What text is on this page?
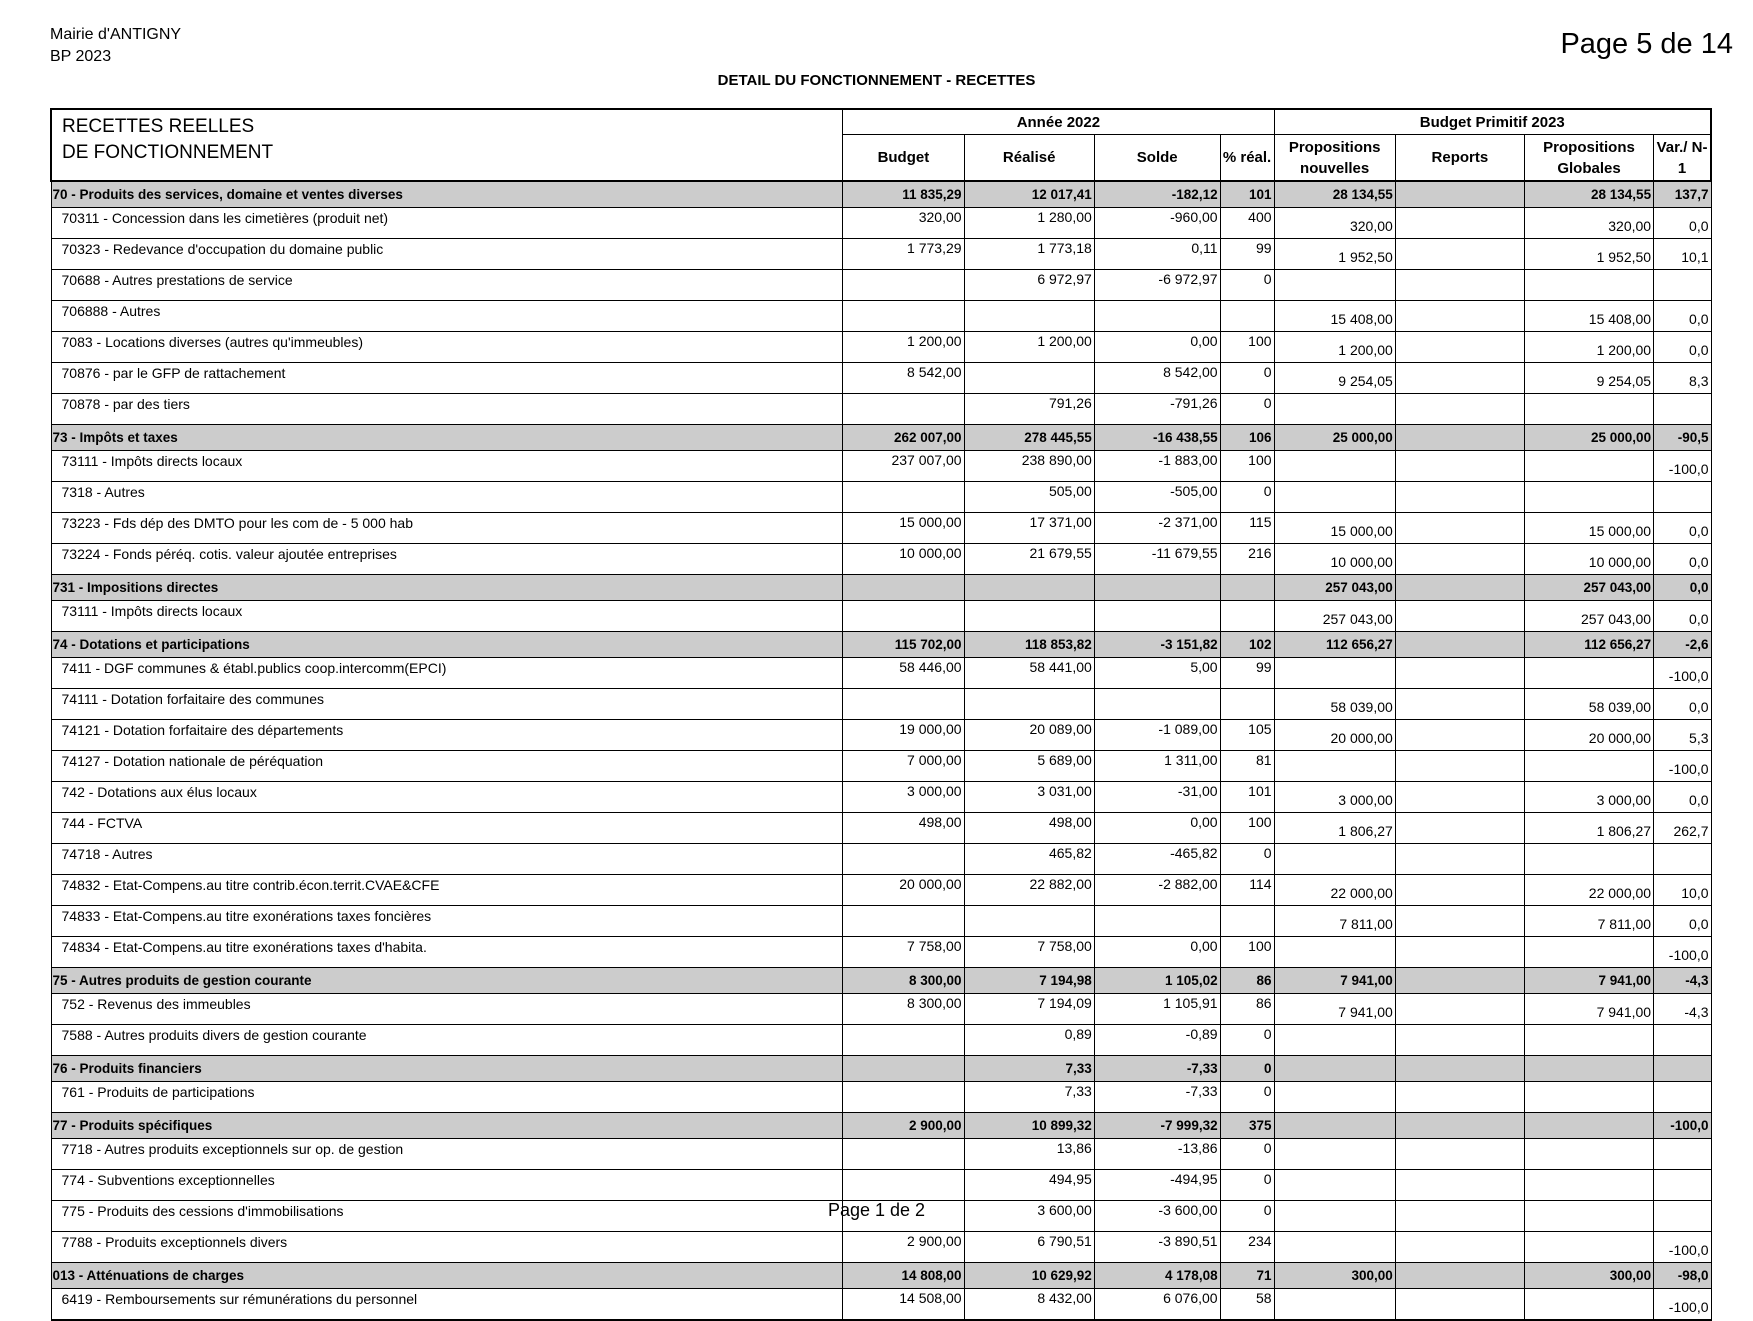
Mairie d'ANTIGNY
BP 2023	Page 5 de 14
DETAIL DU FONCTIONNEMENT - RECETTES
RECETTES REELLES
DE FONCTIONNEMENT	Année 2022				Budget Primitif 2023			
	Budget	Réalisé	Solde	% réal.	Propositions nouvelles	Reports	Propositions Globales	Var./ N-1
70 - Produits des services, domaine et ventes diverses	11 835,29	12 017,41	-182,12	101	28 134,55		28 134,55	137,7
70311 - Concession dans les cimetières (produit net)	320,00	1 280,00	-960,00	400	320,00		320,00	0,0
70323 - Redevance d'occupation du domaine public	1 773,29	1 773,18	0,11	99	1 952,50		1 952,50	10,1
70688 - Autres prestations de service		6 972,97	-6 972,97	0				
706888 - Autres					15 408,00		15 408,00	0,0
7083 - Locations diverses (autres qu'immeubles)	1 200,00	1 200,00	0,00	100	1 200,00		1 200,00	0,0
70876 - par le GFP de rattachement	8 542,00		8 542,00	0	9 254,05		9 254,05	8,3
70878 - par des tiers		791,26	-791,26	0				
73 - Impôts et taxes	262 007,00	278 445,55	-16 438,55	106	25 000,00		25 000,00	-90,5
73111 - Impôts directs locaux	237 007,00	238 890,00	-1 883,00	100				-100,0
7318 - Autres		505,00	-505,00	0				
73223 - Fds dép des DMTO pour les com de - 5 000 hab	15 000,00	17 371,00	-2 371,00	115	15 000,00		15 000,00	0,0
73224 - Fonds péréq. cotis. valeur ajoutée entreprises	10 000,00	21 679,55	-11 679,55	216	10 000,00		10 000,00	0,0
731 - Impositions directes					257 043,00		257 043,00	0,0
73111 - Impôts directs locaux					257 043,00		257 043,00	0,0
74 - Dotations et participations	115 702,00	118 853,82	-3 151,82	102	112 656,27		112 656,27	-2,6
7411 - DGF communes & établ.publics coop.intercomm(EPCI)	58 446,00	58 441,00	5,00	99				-100,0
74111 - Dotation forfaitaire des communes					58 039,00		58 039,00	0,0
74121 - Dotation forfaitaire des départements	19 000,00	20 089,00	-1 089,00	105	20 000,00		20 000,00	5,3
74127 - Dotation nationale de péréquation	7 000,00	5 689,00	1 311,00	81				-100,0
742 - Dotations aux élus locaux	3 000,00	3 031,00	-31,00	101	3 000,00		3 000,00	0,0
744 - FCTVA	498,00	498,00	0,00	100	1 806,27		1 806,27	262,7
74718 - Autres		465,82	-465,82	0				
74832 - Etat-Compens.au titre contrib.écon.territ.CVAE&CFE	20 000,00	22 882,00	-2 882,00	114	22 000,00		22 000,00	10,0
74833 - Etat-Compens.au titre exonérations taxes foncières					7 811,00		7 811,00	0,0
74834 - Etat-Compens.au titre exonérations taxes d'habita.	7 758,00	7 758,00	0,00	100				-100,0
75 - Autres produits de gestion courante	8 300,00	7 194,98	1 105,02	86	7 941,00		7 941,00	-4,3
752 - Revenus des immeubles	8 300,00	7 194,09	1 105,91	86	7 941,00		7 941,00	-4,3
7588 - Autres produits divers de gestion courante		0,89	-0,89	0				
76 - Produits financiers		7,33	-7,33	0				
761 - Produits de participations		7,33	-7,33	0				
77 - Produits spécifiques	2 900,00	10 899,32	-7 999,32	375				-100,0
7718 - Autres produits exceptionnels sur op. de gestion		13,86	-13,86	0				
774 - Subventions exceptionnelles		494,95	-494,95	0				
775 - Produits des cessions d'immobilisations		3 600,00	-3 600,00	0				
7788 - Produits exceptionnels divers	2 900,00	6 790,51	-3 890,51	234				-100,0
013 - Atténuations de charges	14 808,00	10 629,92	4 178,08	71	300,00		300,00	-98,0
6419 - Remboursements sur rémunérations du personnel	14 508,00	8 432,00	6 076,00	58				-100,0
Page 1 de 2
